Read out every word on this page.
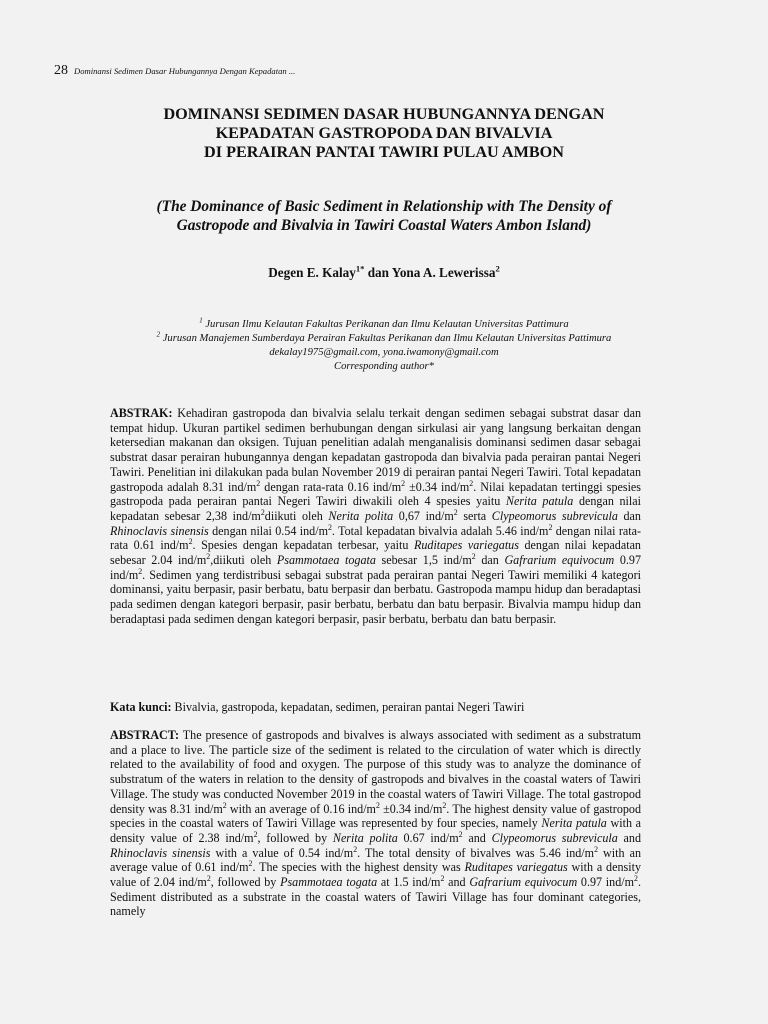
28 Dominansi Sedimen Dasar Hubungannya Dengan Kepadatan ...
DOMINANSI SEDIMEN DASAR HUBUNGANNYA DENGAN
KEPADATAN GASTROPODA DAN BIVALVIA
DI PERAIRAN PANTAI TAWIRI PULAU AMBON
(The Dominance of Basic Sediment in Relationship with The Density of
Gastropode and Bivalvia in Tawiri Coastal Waters Ambon Island)
Degen E. Kalay$^{1*}$ dan Yona A. Lewerissa$^2$
$^1$ Jurusan Ilmu Kelautan Fakultas Perikanan dan Ilmu Kelautan Universitas Pattimura
$^2$ Jurusan Manajemen Sumberdaya Perairan Fakultas Perikanan dan Ilmu Kelautan Universitas Pattimura
dekalay1975@gmail.com, yona.iwamony@gmail.com
Corresponding author*
ABSTRAK: Kehadiran gastropoda dan bivalvia selalu terkait dengan sedimen sebagai substrat dasar dan tempat hidup. Ukuran partikel sedimen berhubungan dengan sirkulasi air yang langsung berkaitan dengan ketersedian makanan dan oksigen. Tujuan penelitian adalah menganalisis dominansi sedimen dasar sebagai substrat dasar perairan hubungannya dengan kepadatan gastropoda dan bivalvia pada perairan pantai Negeri Tawiri. Penelitian ini dilakukan pada bulan November 2019 di perairan pantai Negeri Tawiri. Total kepadatan gastropoda adalah 8.31 ind/$m^2$ dengan rata-rata 0.16 ind/$m^2 \pm 0.34$ ind/$m^2$. Nilai kepadatan tertinggi spesies gastropoda pada perairan pantai Negeri Tawiri diwakili oleh 4 spesies yaitu Nerita patula dengan nilai kepadatan sebesar 2,38 ind/$m^2diikuti$ oleh Nerita polita 0,67 ind/$m^2$ serta Clypeomorus subrevicula dan Rhinoclavis sinensis dengan nilai 0.54 ind/$m^2$. Total kepadatan bivalvia adalah 5.46 ind/$m^2$ dengan nilai rata-rata 0.61 ind/$m^2$. Spesies dengan kepadatan terbesar, yaitu Ruditapes variegatus dengan nilai kepadatan sebesar 2.04 ind/$m^2,diikuti$ oleh Psammotaea togata sebesar 1,5 ind/$m^2$ dan Gafrarium equivocum 0.97 ind/$m^2$. Sedimen yang terdistribusi sebagai substrat pada perairan pantai Negeri Tawiri memiliki 4 kategori dominansi, yaitu berpasir, pasir berbatu, batu berpasir dan berbatu. Gastropoda mampu hidup dan beradaptasi pada sedimen dengan kategori berpasir, pasir berbatu, berbatu dan batu berpasir. Bivalvia mampu hidup dan beradaptasi pada sedimen dengan kategori berpasir, pasir berbatu, berbatu dan batu berpasir.
Kata kunci: Bivalvia, gastropoda, kepadatan, sedimen, perairan pantai Negeri Tawiri
ABSTRACT: The presence of gastropods and bivalves is always associated with sediment as a substratum and a place to live. The particle size of the sediment is related to the circulation of water which is directly related to the availability of food and oxygen. The purpose of this study was to analyze the dominance of substratum of the waters in relation to the density of gastropods and bivalves in the coastal waters of Tawiri Village. The study was conducted November 2019 in the coastal waters of Tawiri Village. The total gastropod density was 8.31 ind/$m^2$ with an average of 0.16 ind/$m^2 \pm 0.34$ ind/$m^2$. The highest density value of gastropod species in the coastal waters of Tawiri Village was represented by four species, namely Nerita patula with a density value of 2.38 ind/$m^2$, followed by Nerita polita 0.67 ind/$m^2$ and Clypeomorus subrevicula and Rhinoclavis sinensis with a value of 0.54 ind/$m^2$. The total density of bivalves was 5.46 ind/$m^2$ with an average value of 0.61 ind/$m^2$. The species with the highest density was Ruditapes variegatus with a density value of 2.04 ind/$m^2$, followed by Psammotaea togata at 1.5 ind/$m^2$ and Gafrarium equivocum 0.97 ind/$m^2$. Sediment distributed as a substrate in the coastal waters of Tawiri Village has four dominant categories, namely
